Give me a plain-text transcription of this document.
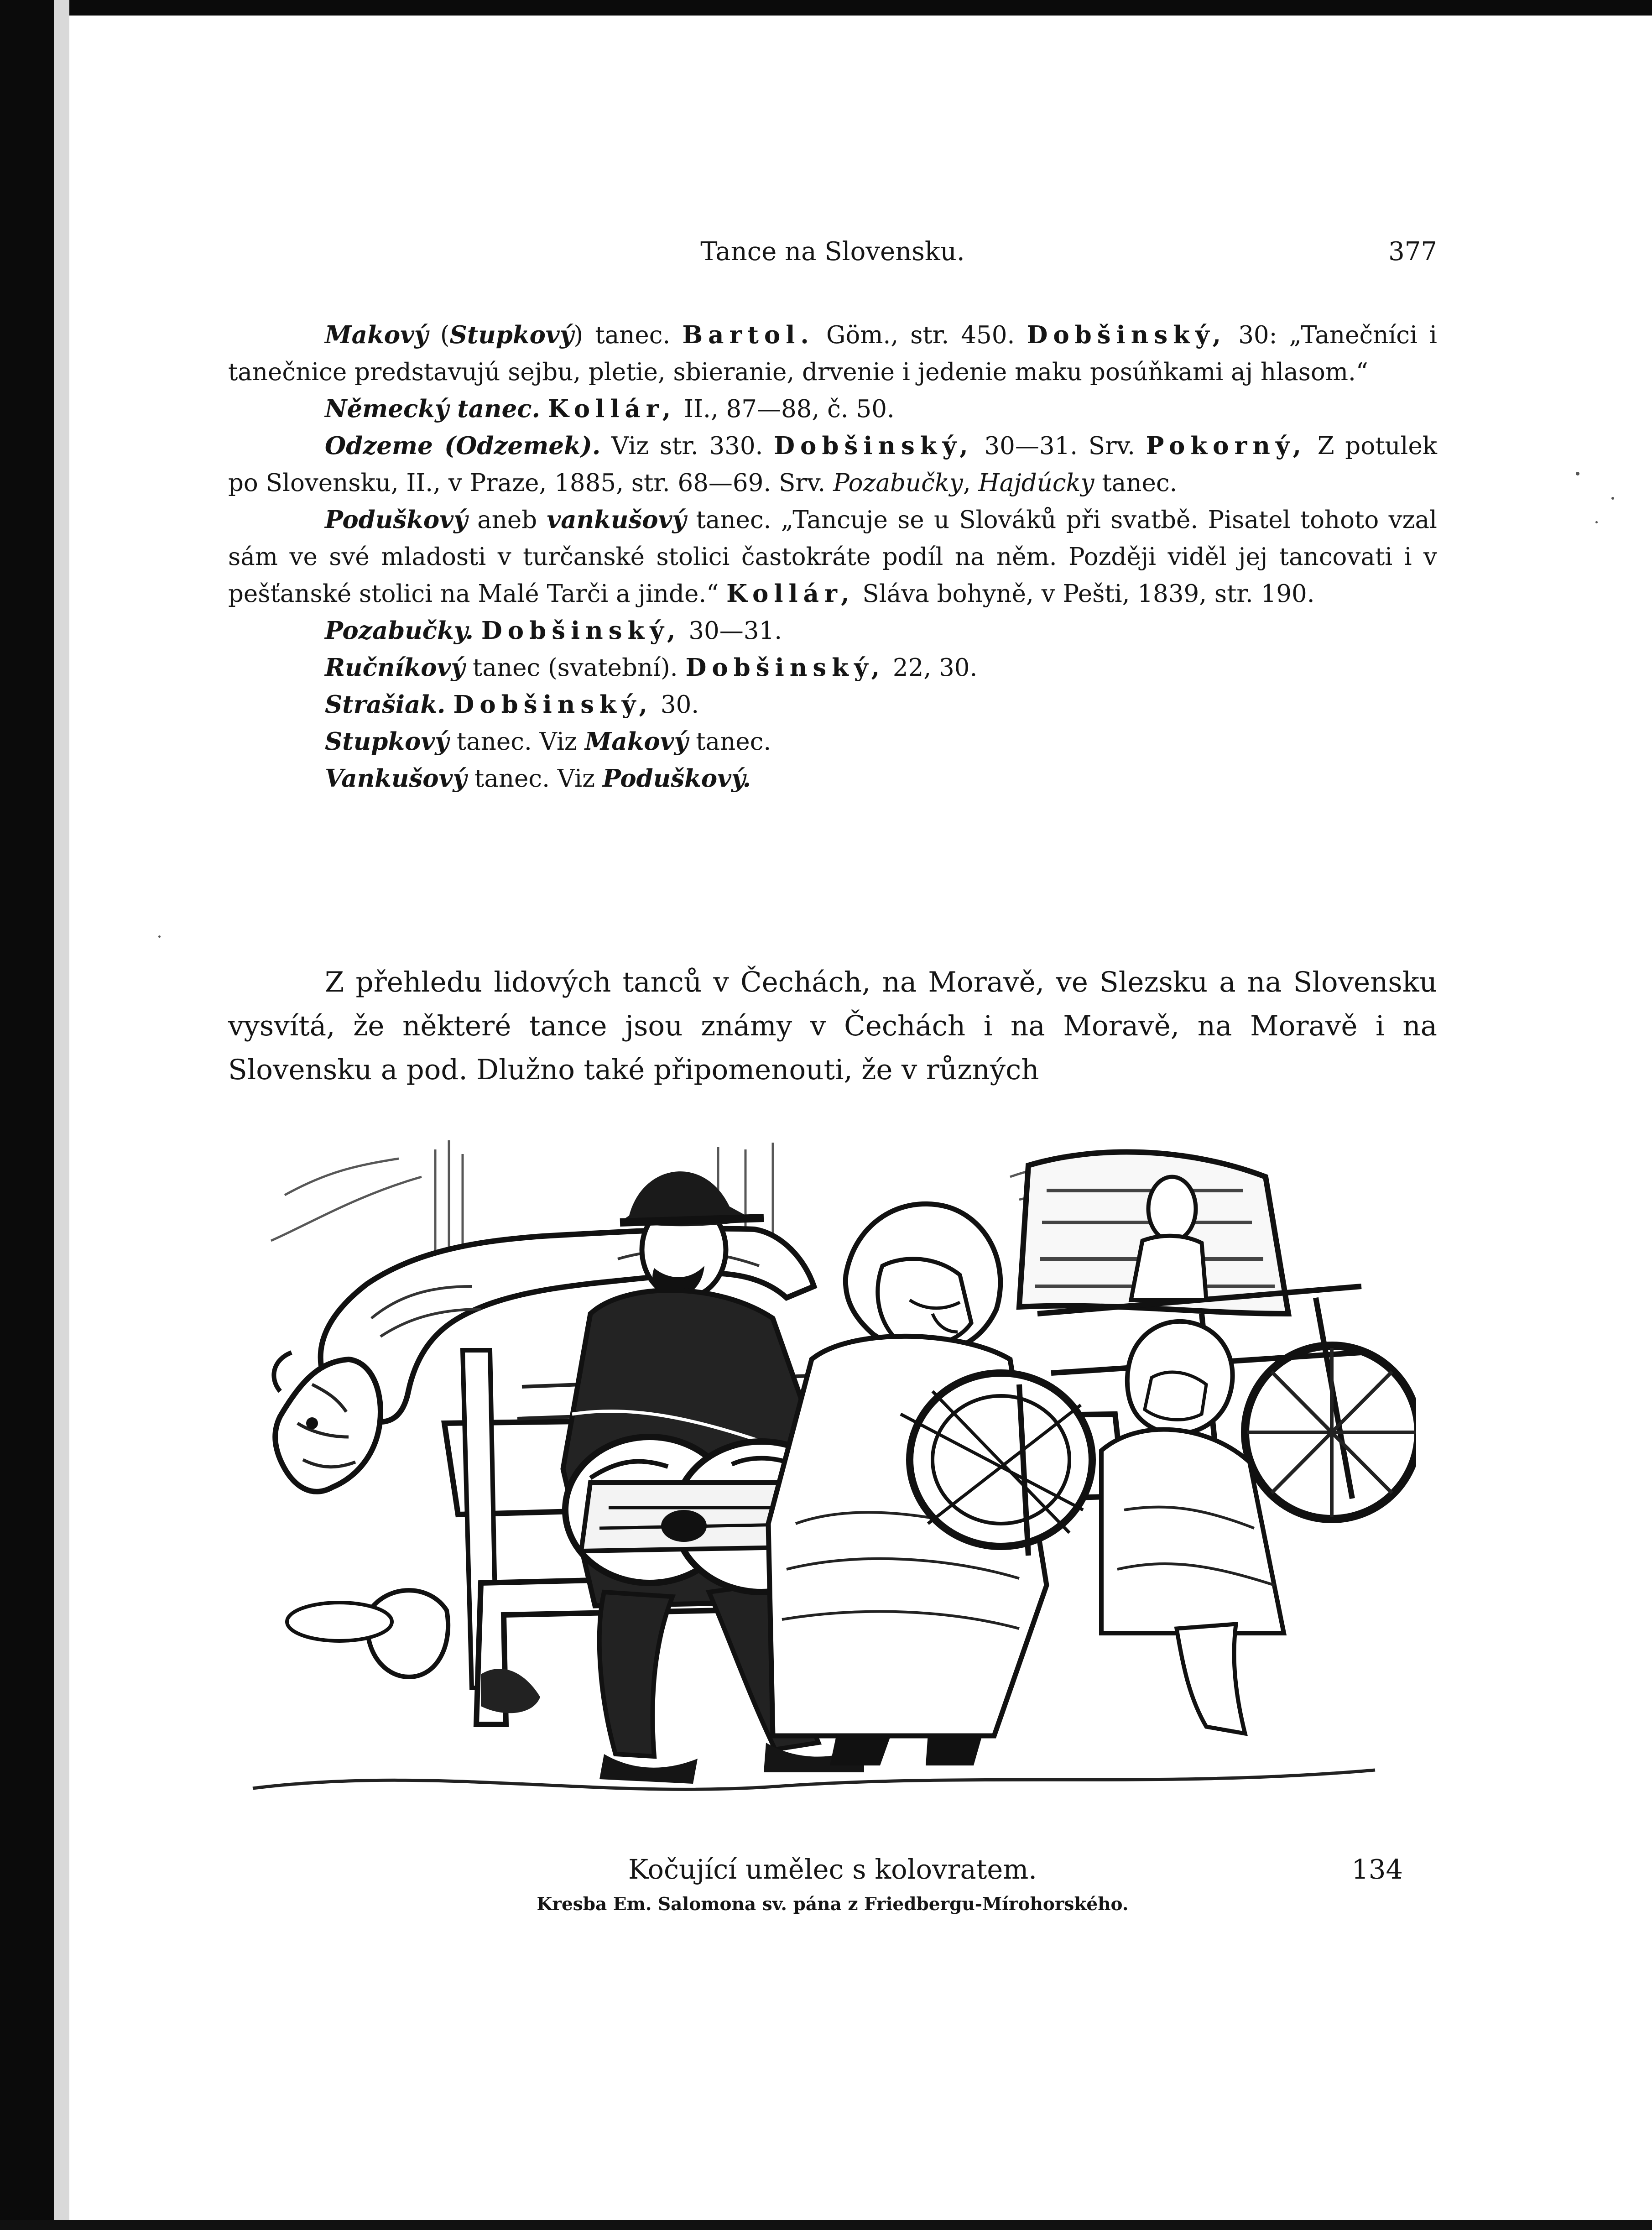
Tance na Slovensku.	377

Makový (Stupkový) tanec. Bartol. Göm., str. 450. Dobšinský, 30: „Tanečníci i tanečnice predstavujú sejbu, pletie, sbieranie, drvenie i jedenie maku posúňkami aj hlasom.“

Německý tanec. Kollár, II., 87—88, č. 50.

Odzeme (Odzemek). Viz str. 330. Dobšinský, 30—31. Srv. Pokorný, Z potulek po Slovensku, II., v Praze, 1885, str. 68—69. Srv. Pozabučky, Hajdúcky tanec.

Poduškový aneb vankušový tanec. „Tancuje se u Slováků při svatbě. Pisatel tohoto vzal sám ve své mladosti v turčanské stolici častokráte podíl na něm. Později viděl jej tancovati i v pešťanské stolici na Malé Tarči a jinde.“ Kollár, Sláva bohyně, v Pešti, 1839, str. 190.

Pozabučky. Dobšinský, 30—31.

Ručníkový tanec (svatební). Dobšinský, 22, 30.

Strašiak. Dobšinský, 30.

Stupkový tanec. Viz Makový tanec.

Vankušový tanec. Viz Poduškový.

Z přehledu lidových tanců v Čechách, na Moravě, ve Slezsku a na Slovensku vysvítá, že některé tance jsou známy v Čechách i na Moravě, na Moravě i na Slovensku a pod. Dlužno také připomenouti, že v různých

Kočující umělec s kolovratem.	134
Kresba Em. Salomona sv. pána z Friedbergu-Mírohorského.
